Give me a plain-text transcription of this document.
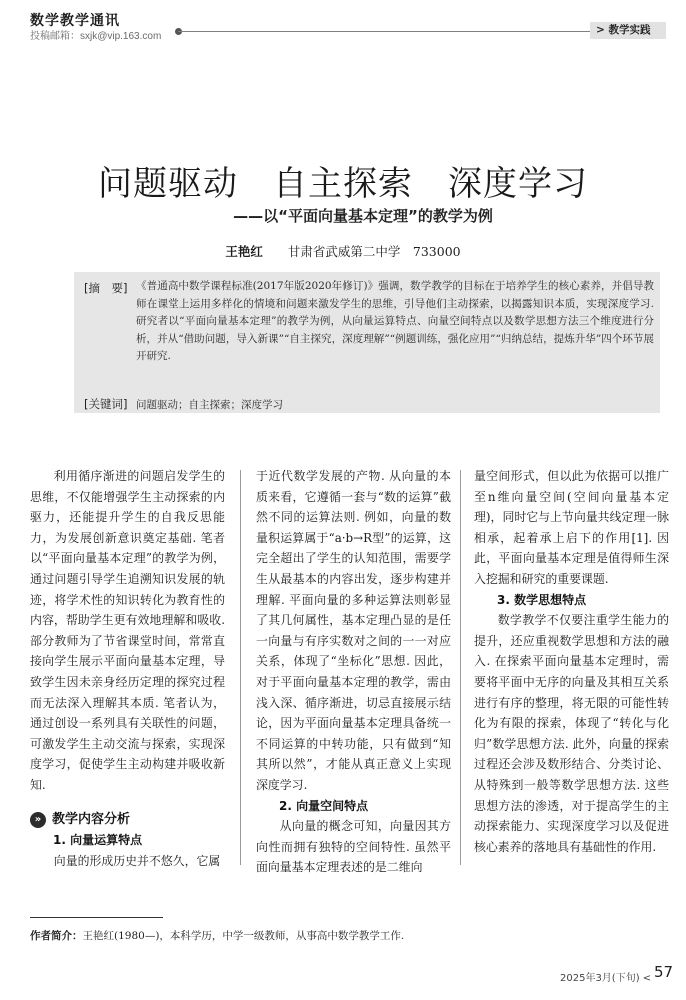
数学教学通讯
投稿邮箱：sxjk@vip.163.com
> 教学实践
问题驱动　自主探索　深度学习
——以“平面向量基本定理”的教学为例
王艳红　　 甘肃省武威第二中学　733000
[摘　要] 《普通高中数学课程标准(2017年版2020年修订)》强调，数学教学的目标在于培养学生的核心素养，并倡导教师在课堂上运用多样化的情境和问题来激发学生的思维，引导他们主动探索，以揭露知识本质，实现深度学习. 研究者以“平面向量基本定理”的教学为例，从向量运算特点、向量空间特点以及数学思想方法三个维度进行分析，并从“借助问题，导入新课”“自主探究，深度理解”“例题训练，强化应用”“归纳总结，提炼升华”四个环节展开研究.
[关键词] 问题驱动；自主探索；深度学习

利用循序渐进的问题启发学生的思维，不仅能增强学生主动探索的内驱力，还能提升学生的自我反思能力，为发展创新意识奠定基础. 笔者以“平面向量基本定理”的教学为例，通过问题引导学生追溯知识发展的轨迹，将学术性的知识转化为教育性的内容，帮助学生更有效地理解和吸收. 部分教师为了节省课堂时间，常常直接向学生展示平面向量基本定理，导致学生因未亲身经历定理的探究过程而无法深入理解其本质. 笔者认为，通过创设一系列具有关联性的问题，可激发学生主动交流与探索，实现深度学习，促使学生主动构建并吸收新知.

» 教学内容分析
1. 向量运算特点

向量的形成历史并不悠久，它属

于近代数学发展的产物. 从向量的本质来看，它遵循一套与“数的运算”截然不同的运算法则. 例如，向量的数量积运算属于“a·b→R型”的运算，这完全超出了学生的认知范围，需要学生从最基本的内容出发，逐步构建并理解. 平面向量的多种运算法则彰显了其几何属性，基本定理凸显的是任一向量与有序实数对之间的一一对应关系，体现了“坐标化”思想. 因此，对于平面向量基本定理的教学，需由浅入深、循序渐进，切忌直接展示结论，因为平面向量基本定理具备统一不同运算的中转功能，只有做到“知其所以然”，才能从真正意义上实现深度学习.

2. 向量空间特点

从向量的概念可知，向量因其方向性而拥有独特的空间特性. 虽然平面向量基本定理表述的是二维向

量空间形式，但以此为依据可以推广至n维向量空间(空间向量基本定理)，同时它与上节向量共线定理一脉相承，起着承上启下的作用[1]. 因此，平面向量基本定理是值得师生深入挖掘和研究的重要课题.

3. 数学思想特点

数学教学不仅要注重学生能力的提升，还应重视数学思想和方法的融入. 在探索平面向量基本定理时，需要将平面中无序的向量及其相互关系进行有序的整理，将无限的可能性转化为有限的探索，体现了“转化与化归”数学思想方法. 此外，向量的探索过程还会涉及数形结合、分类讨论、从特殊到一般等数学思想方法. 这些思想方法的渗透，对于提高学生的主动探索能力、实现深度学习以及促进核心素养的落地具有基础性的作用.

作者简介：王艳红(1980—)，本科学历，中学一级教师，从事高中数学教学工作.
2025年3月(下旬) < 57
